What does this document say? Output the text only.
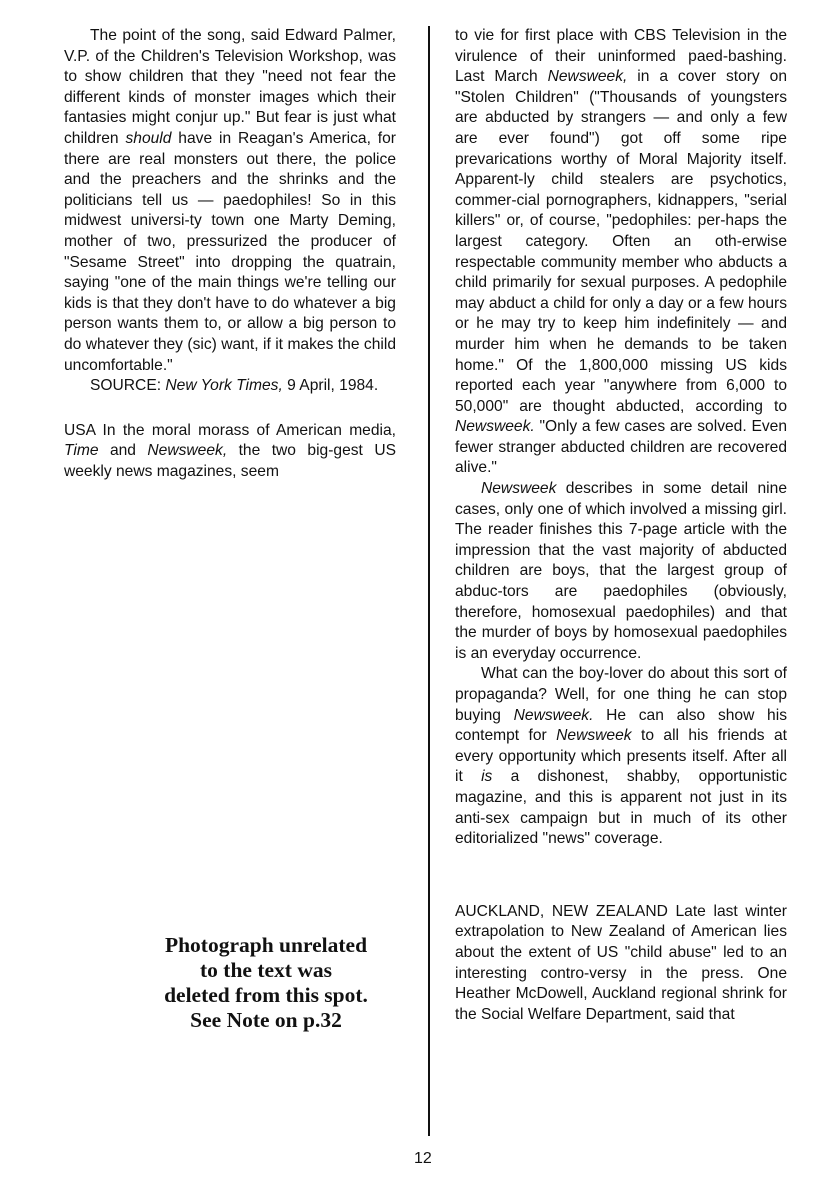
The point of the song, said Edward Palmer, V.P. of the Children's Television Workshop, was to show children that they "need not fear the different kinds of monster images which their fantasies might conjur up." But fear is just what children should have in Reagan's America, for there are real monsters out there, the police and the preachers and the shrinks and the politicians tell us — paedophiles! So in this midwest universi-ty town one Marty Deming, mother of two, pressurized the producer of "Sesame Street" into dropping the quatrain, saying "one of the main things we're telling our kids is that they don't have to do whatever a big person wants them to, or allow a big person to do whatever they (sic) want, if it makes the child uncomfortable."

SOURCE: New York Times, 9 April, 1984.

USA In the moral morass of American media, Time and Newsweek, the two big-gest US weekly news magazines, seem

to vie for first place with CBS Television in the virulence of their uninformed paed-bashing. Last March Newsweek, in a cover story on "Stolen Children" ("Thousands of youngsters are abducted by strangers — and only a few are ever found") got off some ripe prevarications worthy of Moral Majority itself. Apparent-ly child stealers are psychotics, commer-cial pornographers, kidnappers, "serial killers" or, of course, "pedophiles: per-haps the largest category. Often an oth-erwise respectable community member who abducts a child primarily for sexual purposes. A pedophile may abduct a child for only a day or a few hours or he may try to keep him indefinitely — and murder him when he demands to be taken home." Of the 1,800,000 missing US kids reported each year "anywhere from 6,000 to 50,000" are thought abducted, according to Newsweek. "Only a few cases are solved. Even fewer stranger abducted children are recovered alive."

Newsweek describes in some detail nine cases, only one of which involved a missing girl. The reader finishes this 7-page article with the impression that the vast majority of abducted children are boys, that the largest group of abduc-tors are paedophiles (obviously, therefore, homosexual paedophiles) and that the murder of boys by homosexual paedophiles is an everyday occurrence.

What can the boy-lover do about this sort of propaganda? Well, for one thing he can stop buying Newsweek. He can also show his contempt for Newsweek to all his friends at every opportunity which presents itself. After all it is a dishonest, shabby, opportunistic magazine, and this is apparent not just in its anti-sex campaign but in much of its other editorialized "news" coverage.

AUCKLAND, NEW ZEALAND Late last winter extrapolation to New Zealand of American lies about the extent of US "child abuse" led to an interesting contro-versy in the press. One Heather McDowell, Auckland regional shrink for the Social Welfare Department, said that

Photograph unrelated
to the text was
deleted from this spot.
See Note on p.32
12
